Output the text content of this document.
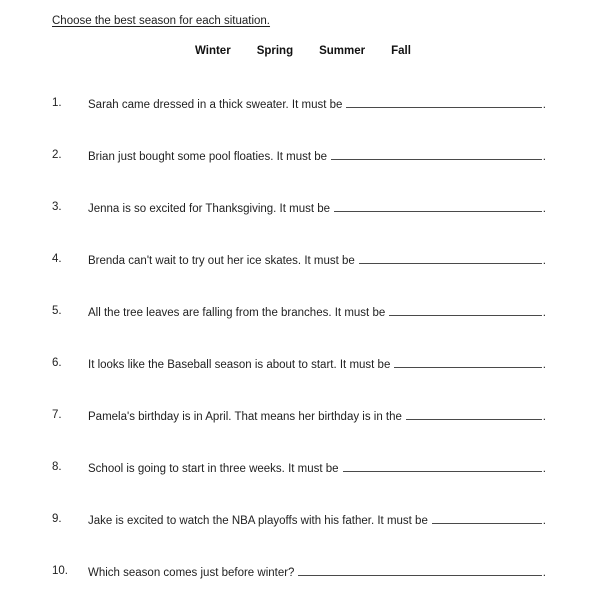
Choose the best season for each situation.
Winter Spring Summer Fall
1. Sarah came dressed in a thick sweater. It must be	.
2. Brian just bought some pool floaties. It must be	.
3. Jenna is so excited for Thanksgiving. It must be	.
4. Brenda can't wait to try out her ice skates. It must be	.
5. All the tree leaves are falling from the branches. It must be	.
6. It looks like the Baseball season is about to start. It must be	.
7. Pamela's birthday is in April. That means her birthday is in the	.
8. School is going to start in three weeks. It must be	.
9. Jake is excited to watch the NBA playoffs with his father. It must be	.
10. Which season comes just before winter?	.
